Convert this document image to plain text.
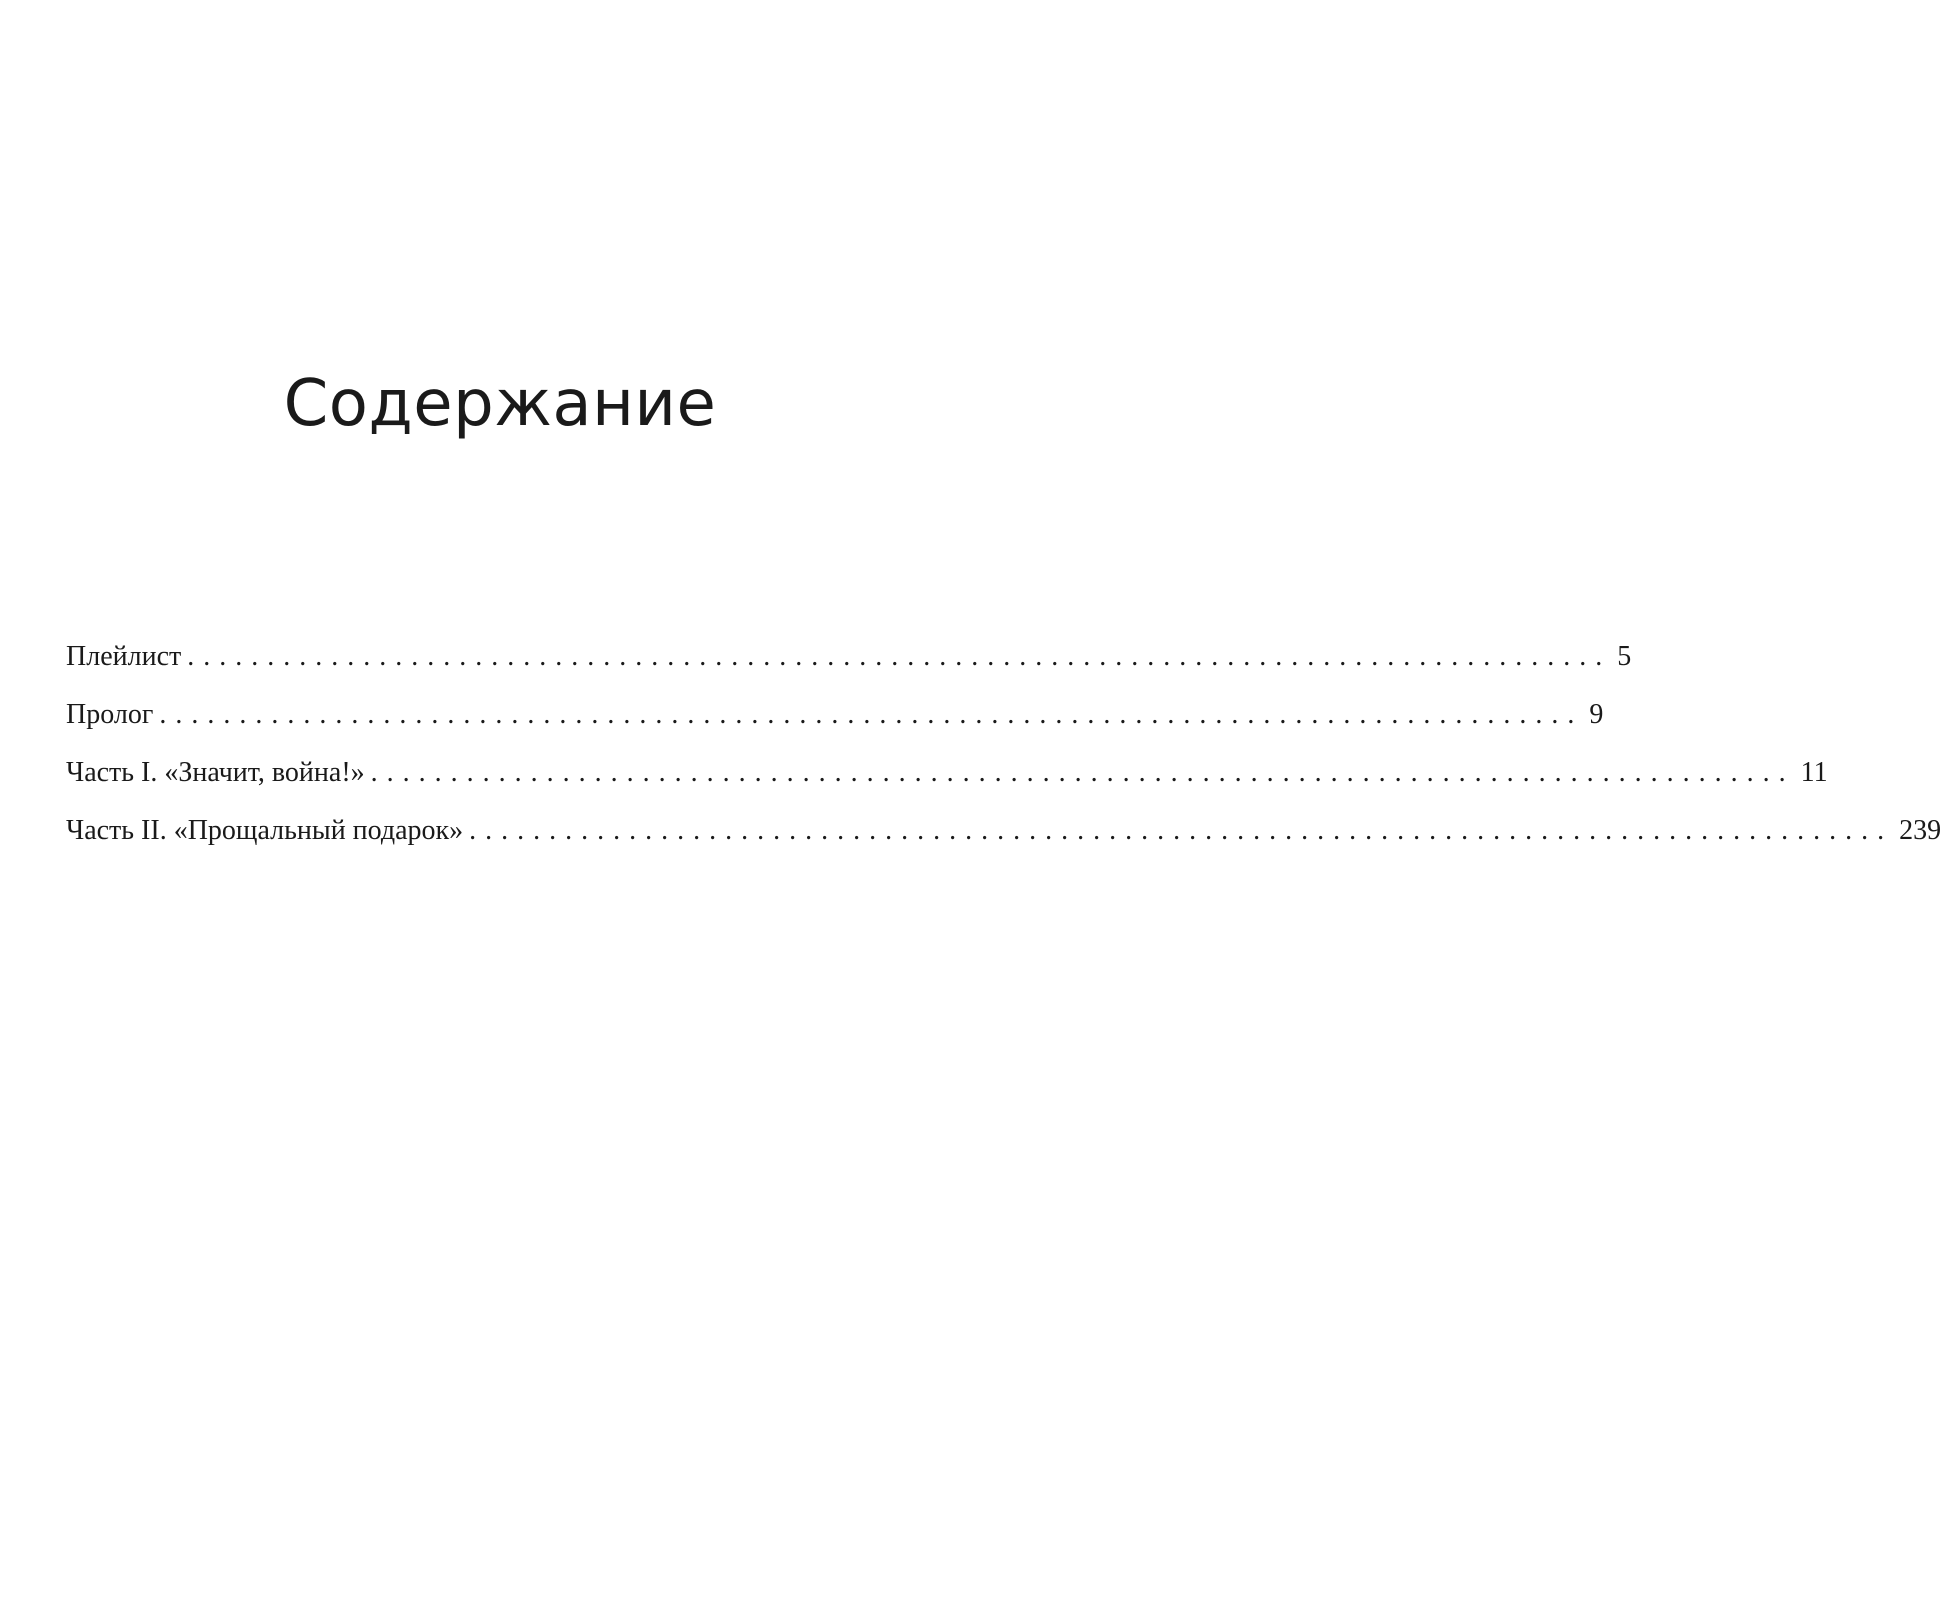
Содержание
Плейлист ......................................................................................... 5
Пролог ......................................................................................... 9
Часть I. «Значит, война!» ......................................................................................... 11
Часть II. «Прощальный подарок» ......................................................................................... 239
